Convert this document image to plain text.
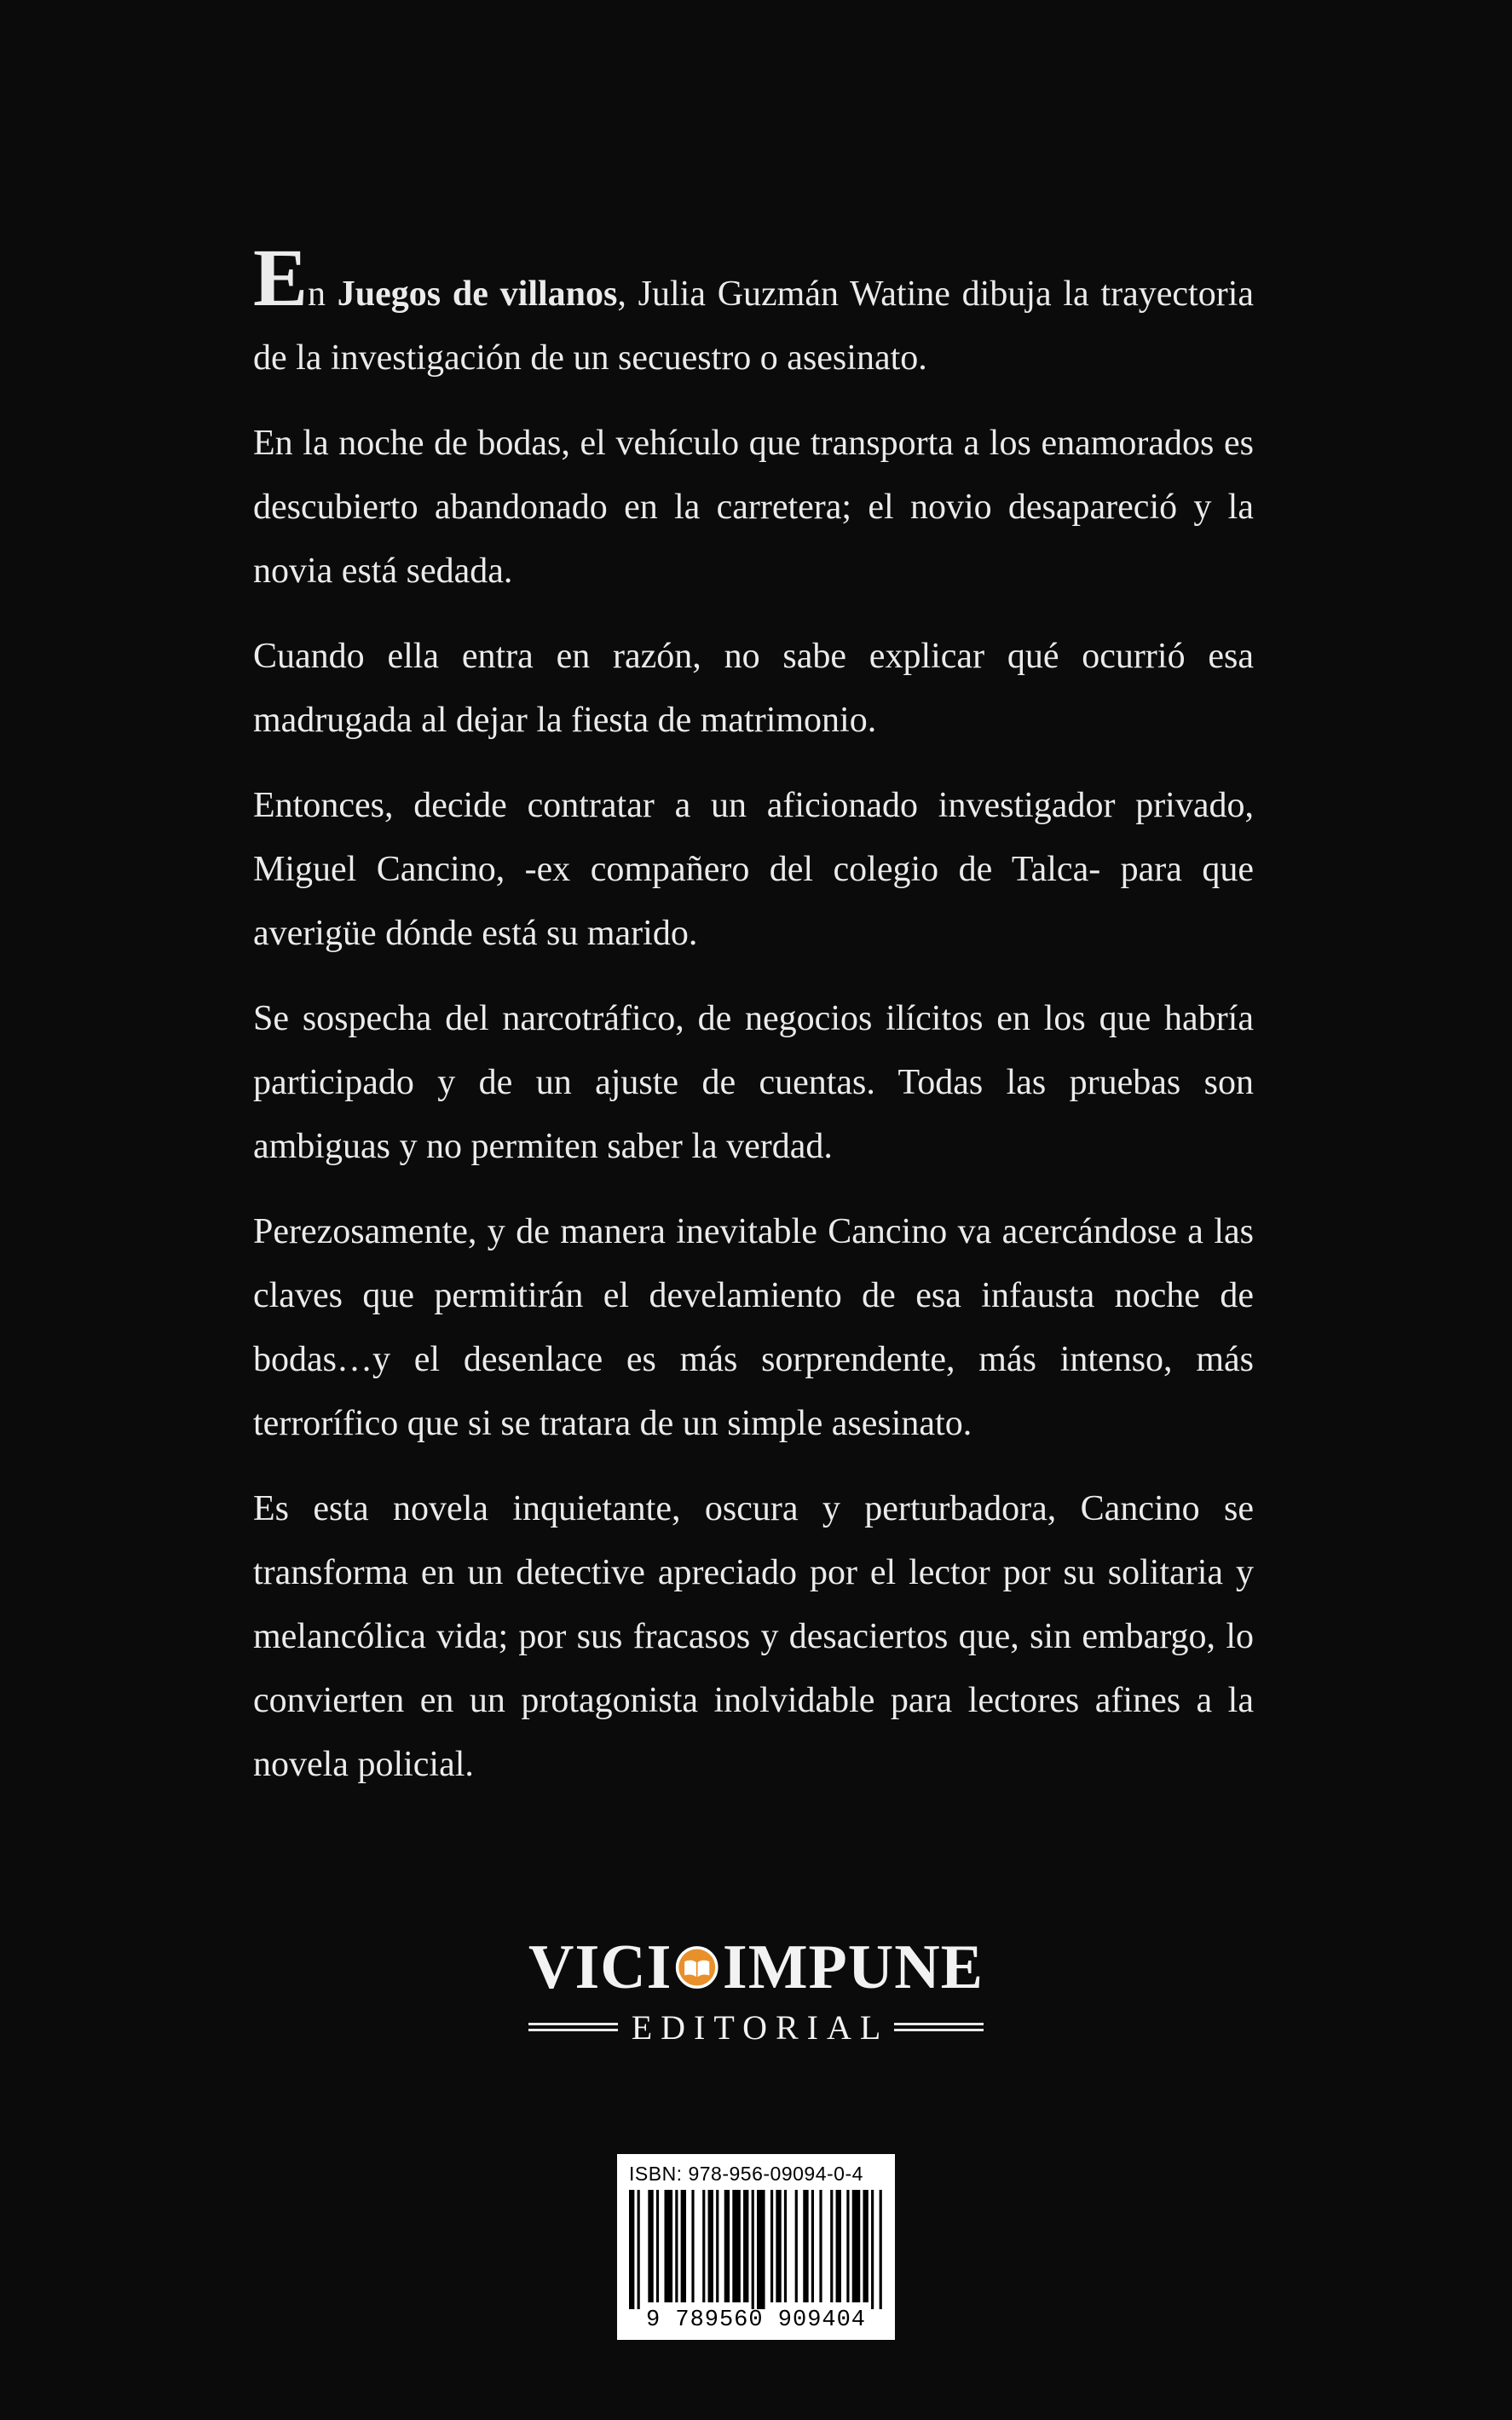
En Juegos de villanos, Julia Guzmán Watine dibuja la trayectoria de la investigación de un secuestro o asesinato.

En la noche de bodas, el vehículo que transporta a los enamorados es descubierto abandonado en la carretera; el novio desapareció y la novia está sedada.

Cuando ella entra en razón, no sabe explicar qué ocurrió esa madrugada al dejar la fiesta de matrimonio.

Entonces, decide contratar a un aficionado investigador privado, Miguel Cancino, -ex compañero del colegio de Talca- para que averigüe dónde está su marido.

Se sospecha del narcotráfico, de negocios ilícitos en los que habría participado y de un ajuste de cuentas. Todas las pruebas son ambiguas y no permiten saber la verdad.

Perezosamente, y de manera inevitable Cancino va acercándose a las claves que permitirán el develamiento de esa infausta noche de bodas…y el desenlace es más sorprendente, más intenso, más terrorífico que si se tratara de un simple asesinato.

Es esta novela inquietante, oscura y perturbadora, Cancino se transforma en un detective apreciado por el lector por su solitaria y melancólica vida; por sus fracasos y desaciertos que, sin embargo, lo convierten en un protagonista inolvidable para lectores afines a la novela policial.

VICI IMPUNE
EDITORIAL
ISBN: 978-956-09094-0-4
9 789560 909404
